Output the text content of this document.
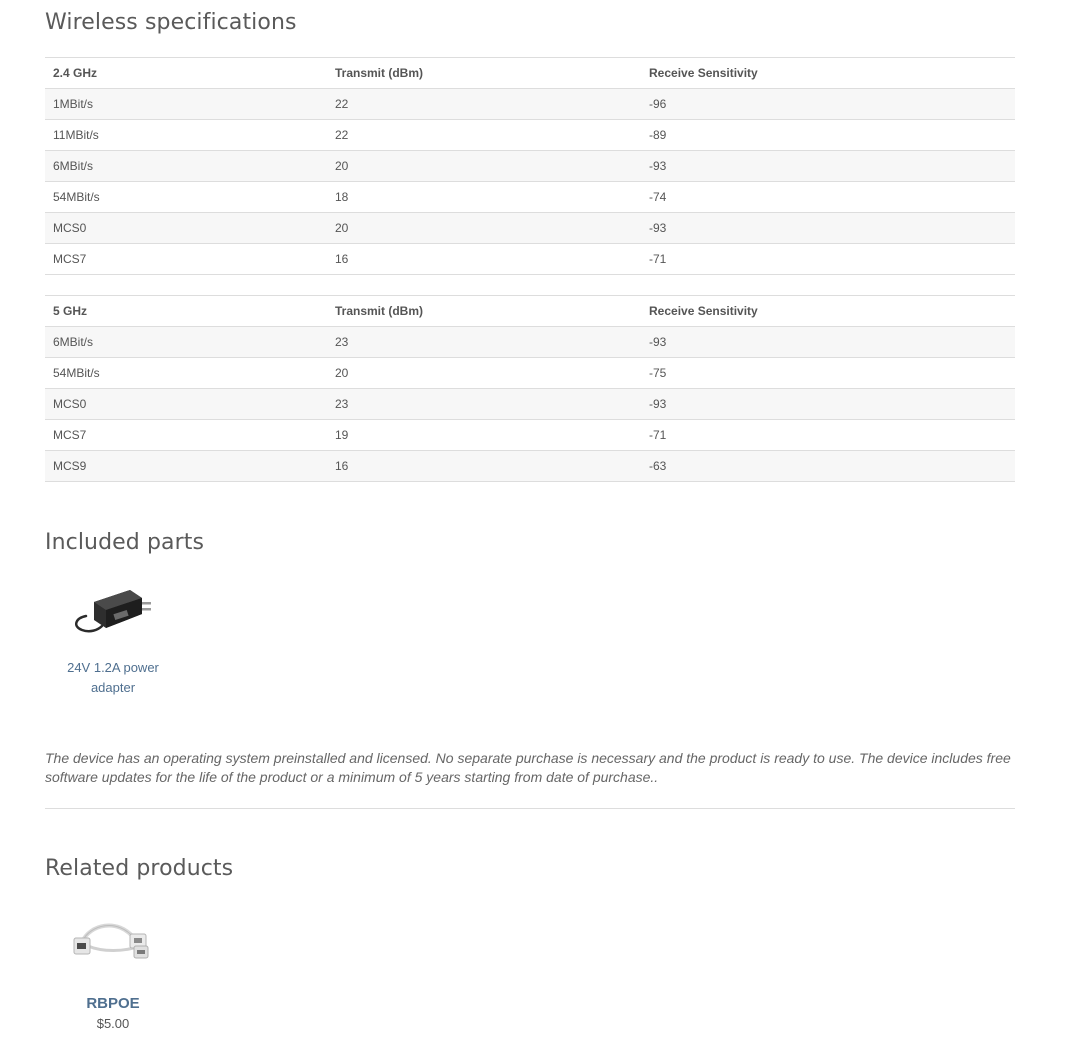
Wireless specifications
2.4 GHz	Transmit (dBm)	Receive Sensitivity
1MBit/s	22	-96
11MBit/s	22	-89
6MBit/s	20	-93
54MBit/s	18	-74
MCS0	20	-93
MCS7	16	-71
5 GHz	Transmit (dBm)	Receive Sensitivity
6MBit/s	23	-93
54MBit/s	20	-75
MCS0	23	-93
MCS7	19	-71
MCS9	16	-63
Included parts
24V 1.2A power adapter

The device has an operating system preinstalled and licensed. No separate purchase is necessary and the product is ready to use. The device includes free software updates for the life of the product or a minimum of 5 years starting from date of purchase..

Related products
RBPOE
$5.00
